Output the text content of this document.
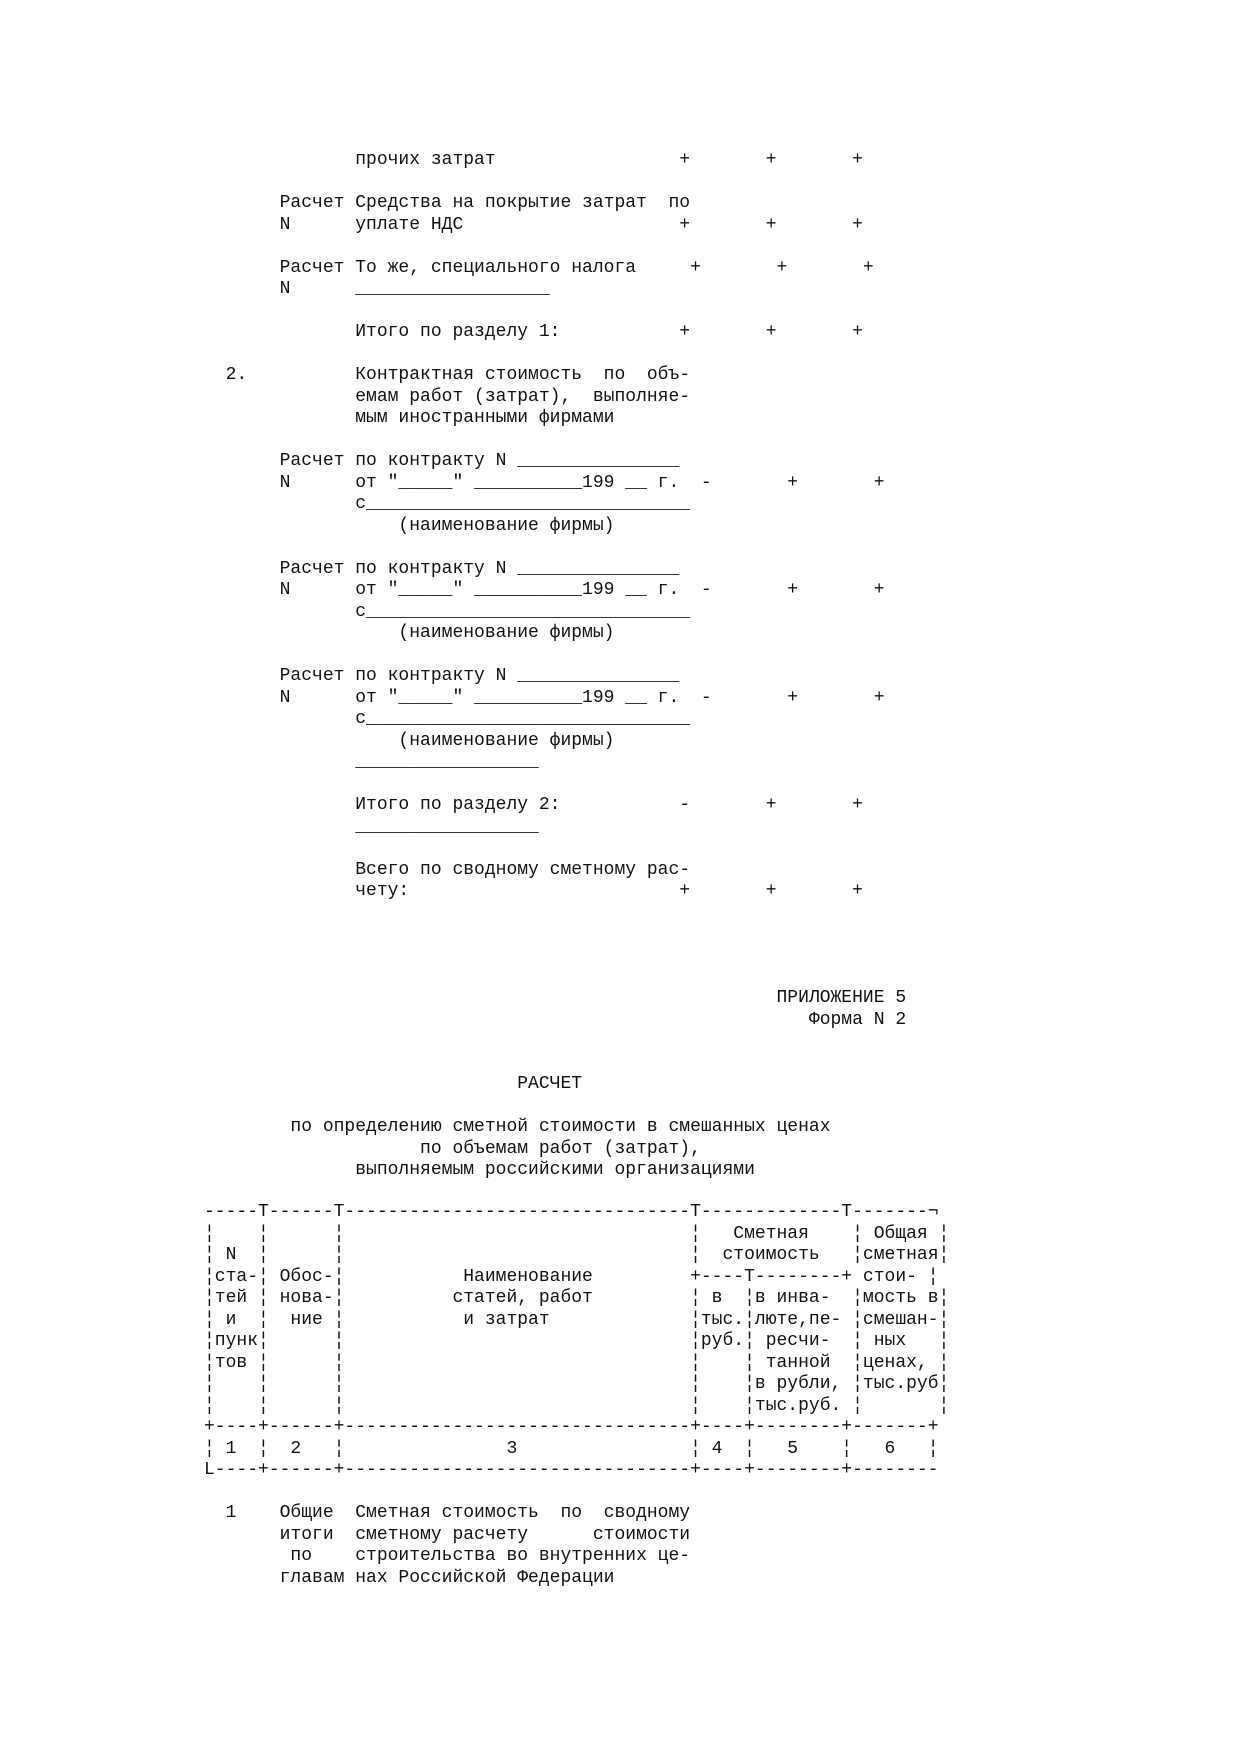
прочих затрат                 +       +       +
Расчет Средства на покрытие затрат  по
N      уплате НДС                    +       +       +
Расчет То же, специального налога     +       +       +
N      __________________
Итого по разделу 1:           +       +       +
2.          Контрактная стоимость  по  объ-
емам работ (затрат),  выполняе-
мым иностранными фирмами
Расчет по контракту N _______________
N      от "_____" __________199 __ г.  -       +       +
с______________________________
(наименование фирмы)
Расчет по контракту N _______________
N      от "_____" __________199 __ г.  -       +       +
с______________________________
(наименование фирмы)
Расчет по контракту N _______________
N      от "_____" __________199 __ г.  -       +       +
с______________________________
(наименование фирмы)
_________________
Итого по разделу 2:           -       +       +
_________________
Всего по сводному сметному рас-
чету:                         +       +       +
ПРИЛОЖЕНИЕ 5
Форма N 2
РАСЧЕТ
по определению сметной стоимости в смешанных ценах
по объемам работ (затрат),
выполняемым российскими организациями
-----T------T--------------------------------T-------------T-------¬
¦    ¦      ¦                                ¦   Сметная    ¦ Общая ¦
¦ N  ¦      ¦                                ¦  стоимость   ¦сметная¦
¦ста-¦ Обос-¦           Наименование         +----T--------+ стои- ¦
¦тей ¦ нова-¦          статей, работ         ¦ в  ¦в инва-  ¦мость в¦
¦ и  ¦  ние ¦           и затрат             ¦тыс.¦люте,пе- ¦смешан-¦
¦пунк¦      ¦                                ¦руб.¦ ресчи-  ¦ ных   ¦
¦тов ¦      ¦                                ¦    ¦ танной  ¦ценах, ¦
¦    ¦      ¦                                ¦    ¦в рубли, ¦тыс.руб¦
¦    ¦      ¦                                ¦    ¦тыс.руб. ¦       ¦
+----+------+--------------------------------+----+--------+-------+
¦ 1  ¦  2   ¦               3                ¦ 4  ¦   5    ¦   6   ¦
L----+------+--------------------------------+----+--------+--------
1    Общие  Сметная стоимость  по  сводному
итоги  сметному расчету      стоимости
по    строительства во внутренних це-
главам нах Российской Федерации
